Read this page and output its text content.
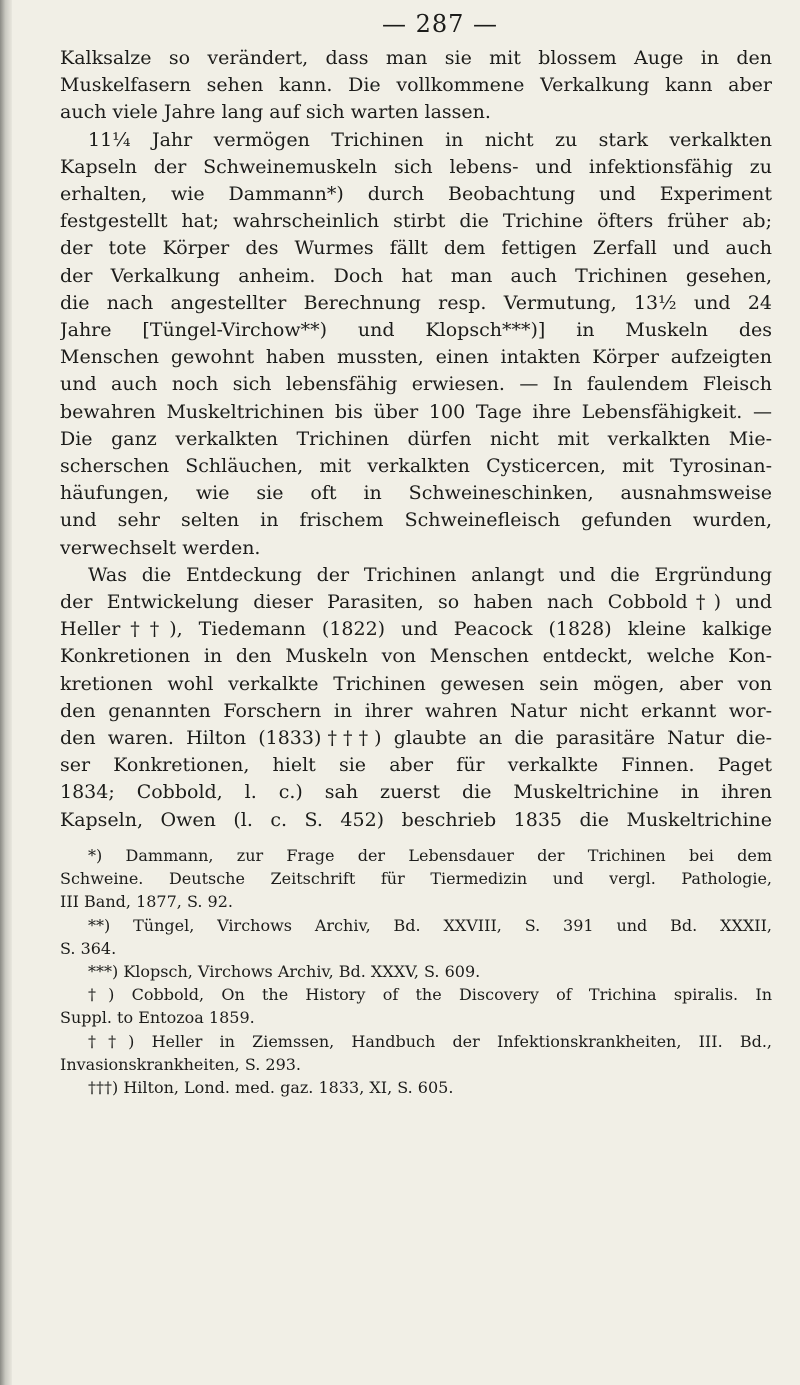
— 287 —
Kalksalze so verändert, dass man sie mit blossem Auge in den
Muskelfasern sehen kann. Die vollkommene Verkalkung kann aber
auch viele Jahre lang auf sich warten lassen.
11¼ Jahr vermögen Trichinen in nicht zu stark verkalkten
Kapseln der Schweinemuskeln sich lebens- und infektionsfähig zu
erhalten, wie Dammann*) durch Beobachtung und Experiment
festgestellt hat; wahrscheinlich stirbt die Trichine öfters früher ab;
der tote Körper des Wurmes fällt dem fettigen Zerfall und auch
der Verkalkung anheim. Doch hat man auch Trichinen gesehen,
die nach angestellter Berechnung resp. Vermutung, 13½ und 24
Jahre [Tüngel-Virchow**) und Klopsch***)] in Muskeln des
Menschen gewohnt haben mussten, einen intakten Körper aufzeigten
und auch noch sich lebensfähig erwiesen. — In faulendem Fleisch
bewahren Muskeltrichinen bis über 100 Tage ihre Lebensfähigkeit. —
Die ganz verkalkten Trichinen dürfen nicht mit verkalkten Mie-
scherschen Schläuchen, mit verkalkten Cysticercen, mit Tyrosinan-
häufungen, wie sie oft in Schweineschinken, ausnahmsweise
und sehr selten in frischem Schweinefleisch gefunden wurden,
verwechselt werden.
Was die Entdeckung der Trichinen anlangt und die Ergründung
der Entwickelung dieser Parasiten, so haben nach Cobbold†) und
Heller††), Tiedemann (1822) und Peacock (1828) kleine kalkige
Konkretionen in den Muskeln von Menschen entdeckt, welche Kon-
kretionen wohl verkalkte Trichinen gewesen sein mögen, aber von
den genannten Forschern in ihrer wahren Natur nicht erkannt wor-
den waren. Hilton (1833)†††) glaubte an die parasitäre Natur die-
ser Konkretionen, hielt sie aber für verkalkte Finnen. Paget
1834; Cobbold, l. c.) sah zuerst die Muskeltrichine in ihren
Kapseln, Owen (l. c. S. 452) beschrieb 1835 die Muskeltrichine
*) Dammann, zur Frage der Lebensdauer der Trichinen bei dem
Schweine. Deutsche Zeitschrift für Tiermedizin und vergl. Pathologie,
III Band, 1877, S. 92.
**) Tüngel, Virchows Archiv, Bd. XXVIII, S. 391 und Bd. XXXII,
S. 364.
***) Klopsch, Virchows Archiv, Bd. XXXV, S. 609.
†) Cobbold, On the History of the Discovery of Trichina spiralis. In
Suppl. to Entozoa 1859.
††) Heller in Ziemssen, Handbuch der Infektionskrankheiten, III. Bd.,
Invasionskrankheiten, S. 293.
†††) Hilton, Lond. med. gaz. 1833, XI, S. 605.
